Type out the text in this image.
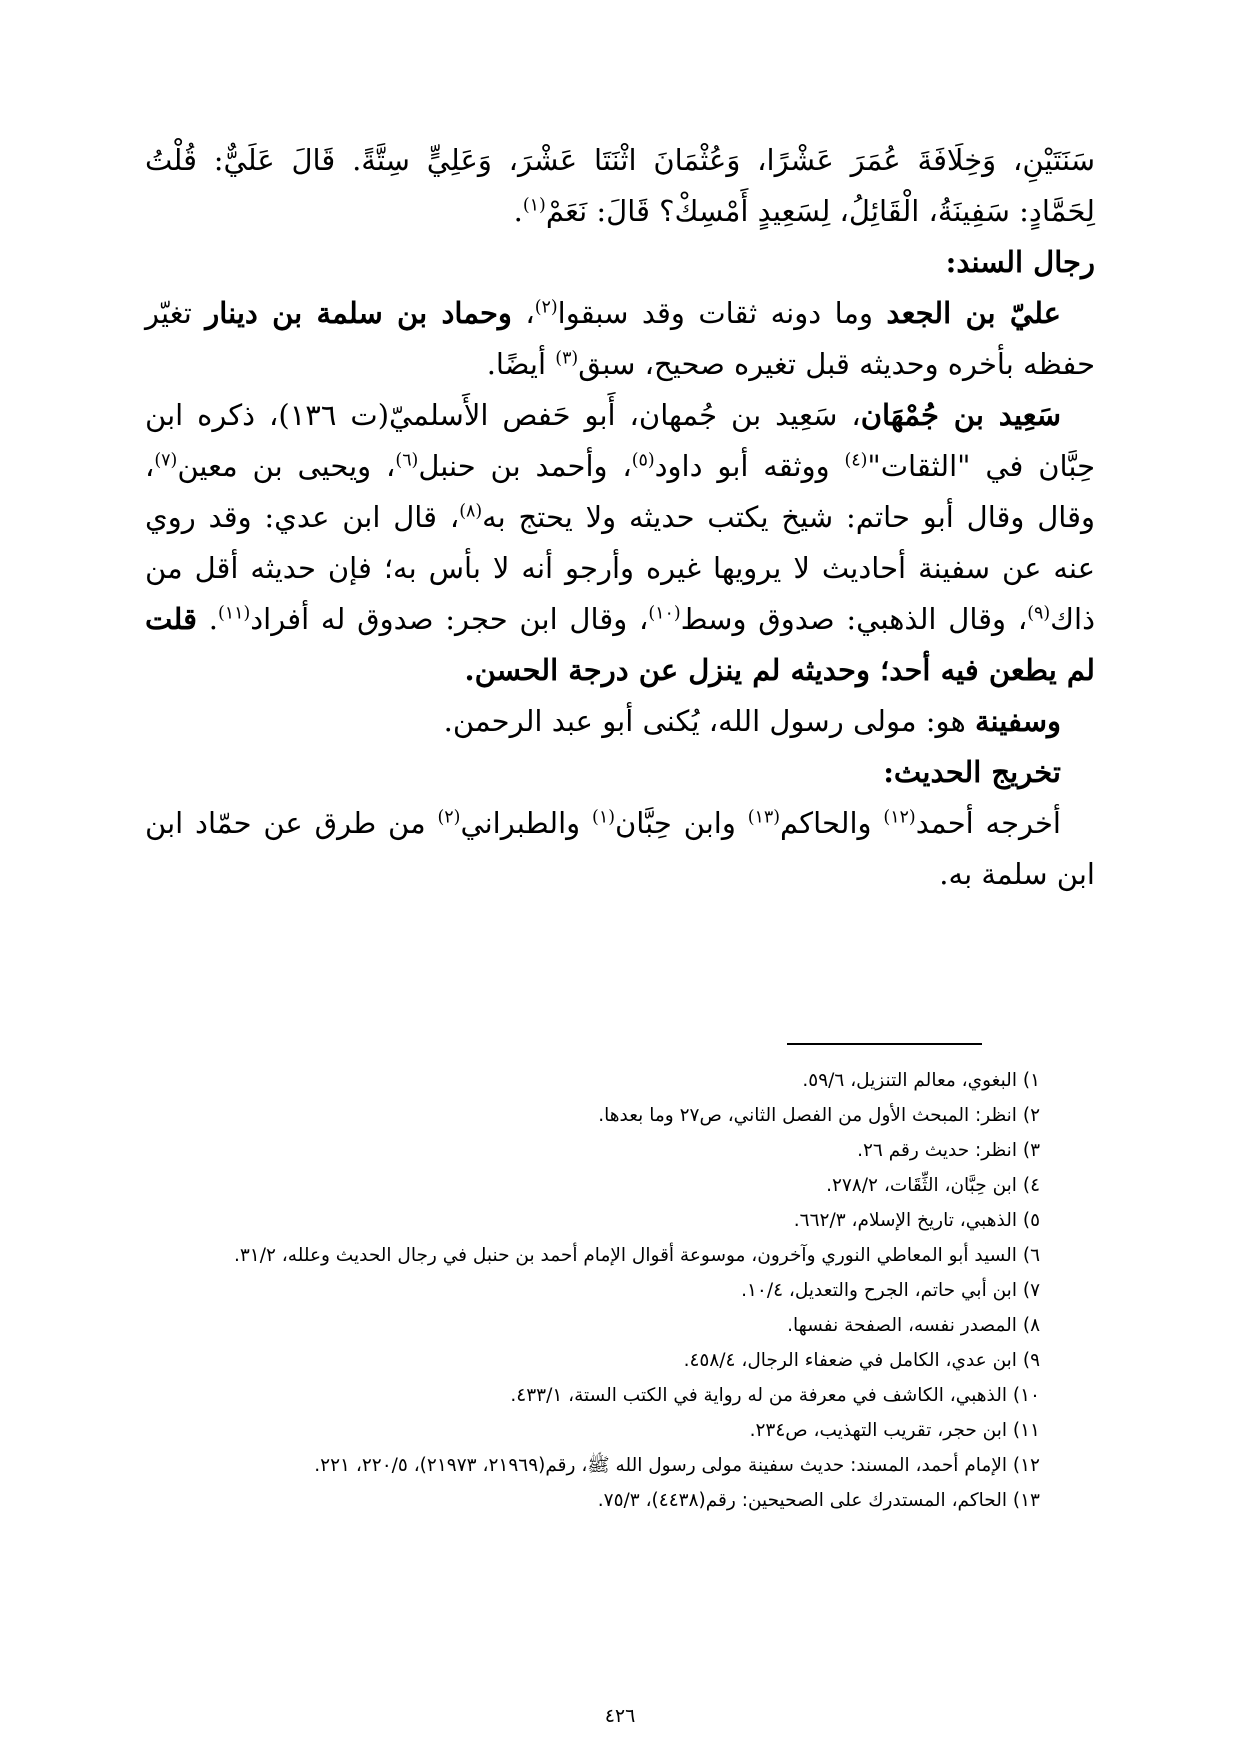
سَنَتَيْنِ، وَخِلَافَةَ عُمَرَ عَشْرًا، وَعُثْمَانَ اثْنَتَا عَشْرَ، وَعَلِيٍّ سِتَّةً. قَالَ عَلَيٌّ: قُلْتُ لِحَمَّادٍ: سَفِينَةُ، الْقَائِلُ، لِسَعِيدٍ أَمْسِكْ؟ قَالَ: نَعَمْ$^{(١)}$.

رجال السند:

عليّ بن الجعد وما دونه ثقات وقد سبقوا$^{(٢)}$، وحماد بن سلمة بن دينار تغيّر حفظه بأخره وحديثه قبل تغيره صحيح، سبق$^{(٣)}$ أيضًا.

سَعِيد بن جُمْهَان، سَعِيد بن جُمهان، أَبو حَفص الأَسلميّ(ت ١٣٦)، ذكره ابن حِبَّان في "الثقات"$^{(٤)}$ ووثقه أبو داود$^{(٥)}$، وأحمد بن حنبل$^{(٦)}$، ويحيى بن معين$^{(٧)}$، وقال وقال أبو حاتم: شيخ يكتب حديثه ولا يحتج به$^{(٨)}$، قال ابن عدي: وقد روي عنه عن سفينة أحاديث لا يرويها غيره وأرجو أنه لا بأس به؛ فإن حديثه أقل من ذاك$^{(٩)}$، وقال الذهبي: صدوق وسط$^{(١٠)}$، وقال ابن حجر: صدوق له أفراد$^{(١١)}$. قلت لم يطعن فيه أحد؛ وحديثه لم ينزل عن درجة الحسن.

وسفينة هو: مولى رسول الله، يُكنى أبو عبد الرحمن.

تخريج الحديث:

أخرجه أحمد$^{(١٢)}$ والحاكم$^{(١٣)}$ وابن حِبَّان$^{(١)}$ والطبراني$^{(٢)}$ من طرق عن حمّاد ابن ابن سلمة به.

١) البغوي، معالم التنزيل، ٥٩/٦.
٢) انظر: المبحث الأول من الفصل الثاني، ص٢٧ وما بعدها.
٣) انظر: حديث رقم ٢٦.
٤) ابن حِبَّان، الثِّقَات، ٢٧٨/٢.
٥) الذهبي، تاريخ الإسلام، ٦٦٢/٣.
٦) السيد أبو المعاطي النوري وآخرون، موسوعة أقوال الإمام أحمد بن حنبل في رجال الحديث وعلله، ٣١/٢.
٧) ابن أبي حاتم، الجرح والتعديل، ١٠/٤.
٨) المصدر نفسه، الصفحة نفسها.
٩) ابن عدي، الكامل في ضعفاء الرجال، ٤٥٨/٤.
١٠) الذهبي، الكاشف في معرفة من له رواية في الكتب الستة، ٤٣٣/١.
١١) ابن حجر، تقريب التهذيب، ص٢٣٤.
١٢) الإمام أحمد، المسند: حديث سفينة مولى رسول الله ﷺ، رقم(٢١٩٦٩، ٢١٩٧٣)، ٢٢٠/٥، ٢٢١.
١٣) الحاكم، المستدرك على الصحيحين: رقم(٤٤٣٨)، ٧٥/٣.
٤٢٦
